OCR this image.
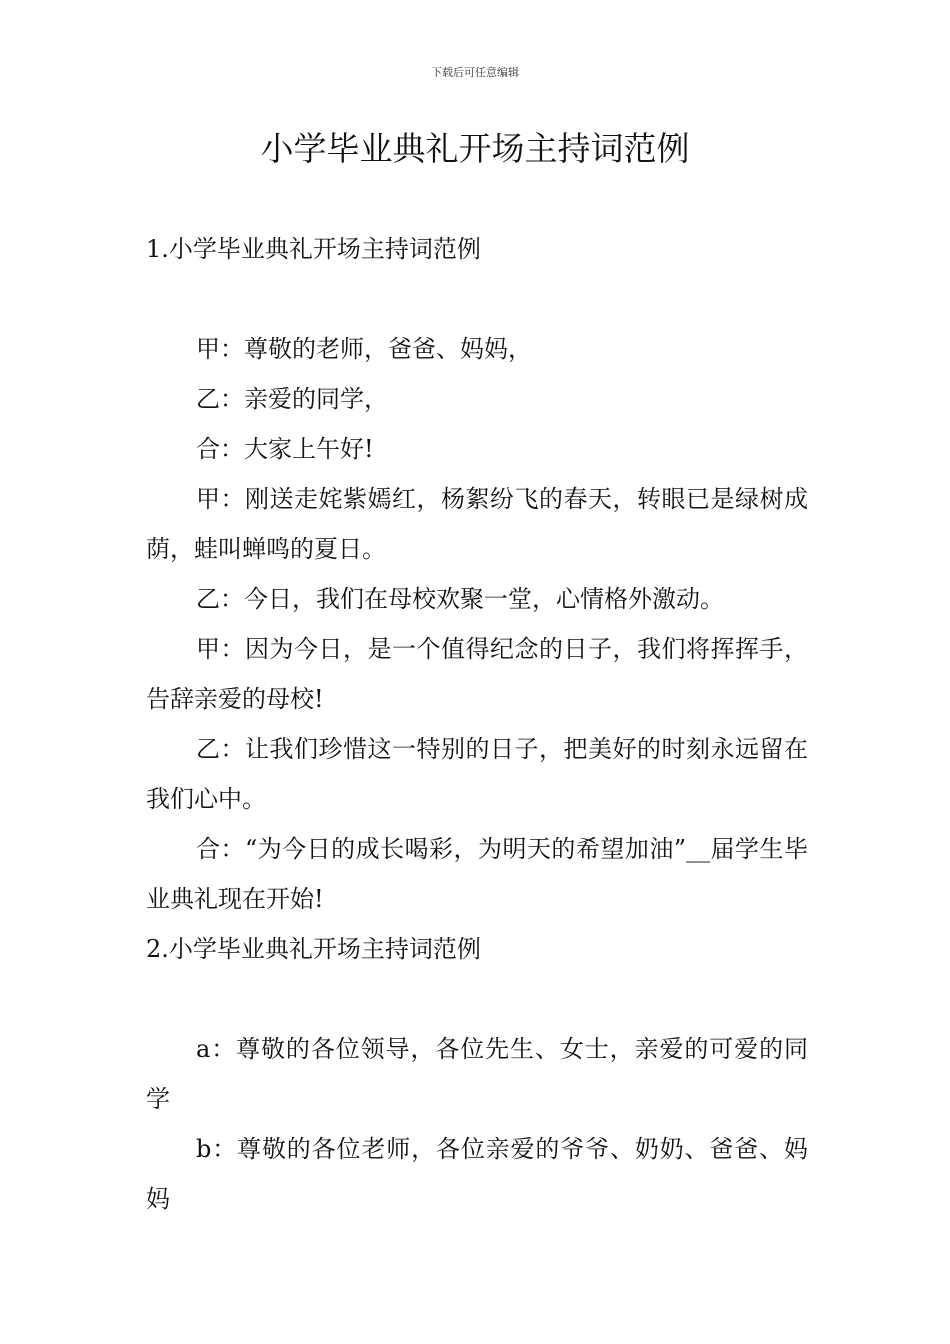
下载后可任意编辑
小学毕业典礼开场主持词范例

1.小学毕业典礼开场主持词范例

甲：尊敬的老师，爸爸、妈妈，

乙：亲爱的同学，

合：大家上午好!

甲：刚送走姹紫嫣红，杨絮纷飞的春天，转眼已是绿树成荫，蛙叫蝉鸣的夏日。

乙：今日，我们在母校欢聚一堂，心情格外激动。

甲：因为今日，是一个值得纪念的日子，我们将挥挥手，告辞亲爱的母校!

乙：让我们珍惜这一特别的日子，把美好的时刻永远留在我们心中。

合：“为今日的成长喝彩，为明天的希望加油”__届学生毕业典礼现在开始!

2.小学毕业典礼开场主持词范例

a：尊敬的各位领导，各位先生、女士，亲爱的可爱的同学

b：尊敬的各位老师，各位亲爱的爷爷、奶奶、爸爸、妈妈
